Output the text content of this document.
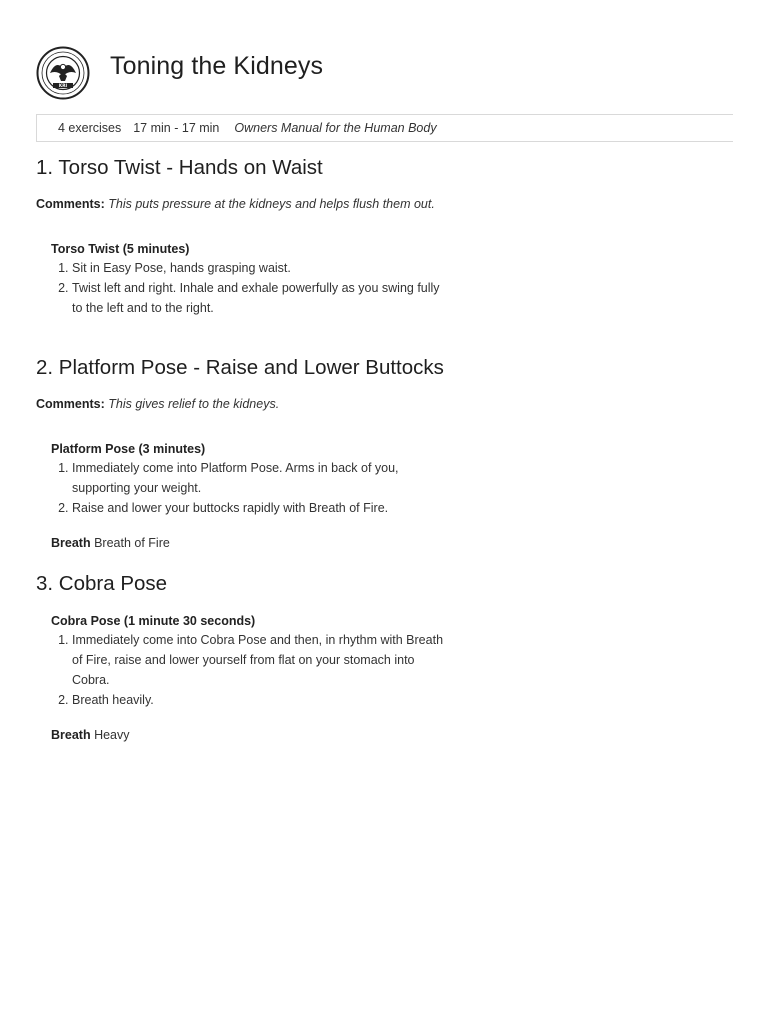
KRI
Toning the Kidneys
4 exercises 17 min - 17 min Owners Manual for the Human Body
1. Torso Twist - Hands on Waist
Comments: This puts pressure at the kidneys and helps flush them out.
Torso Twist (5 minutes)
1. Sit in Easy Pose, hands grasping waist.
2. Twist left and right. Inhale and exhale powerfully as you swing fully to the left and to the right.
2. Platform Pose - Raise and Lower Buttocks
Comments: This gives relief to the kidneys.
Platform Pose (3 minutes)
1. Immediately come into Platform Pose. Arms in back of you, supporting your weight.
2. Raise and lower your buttocks rapidly with Breath of Fire.
Breath Breath of Fire
3. Cobra Pose
Cobra Pose (1 minute 30 seconds)
1. Immediately come into Cobra Pose and then, in rhythm with Breath of Fire, raise and lower yourself from flat on your stomach into Cobra.
2. Breath heavily.
Breath Heavy
